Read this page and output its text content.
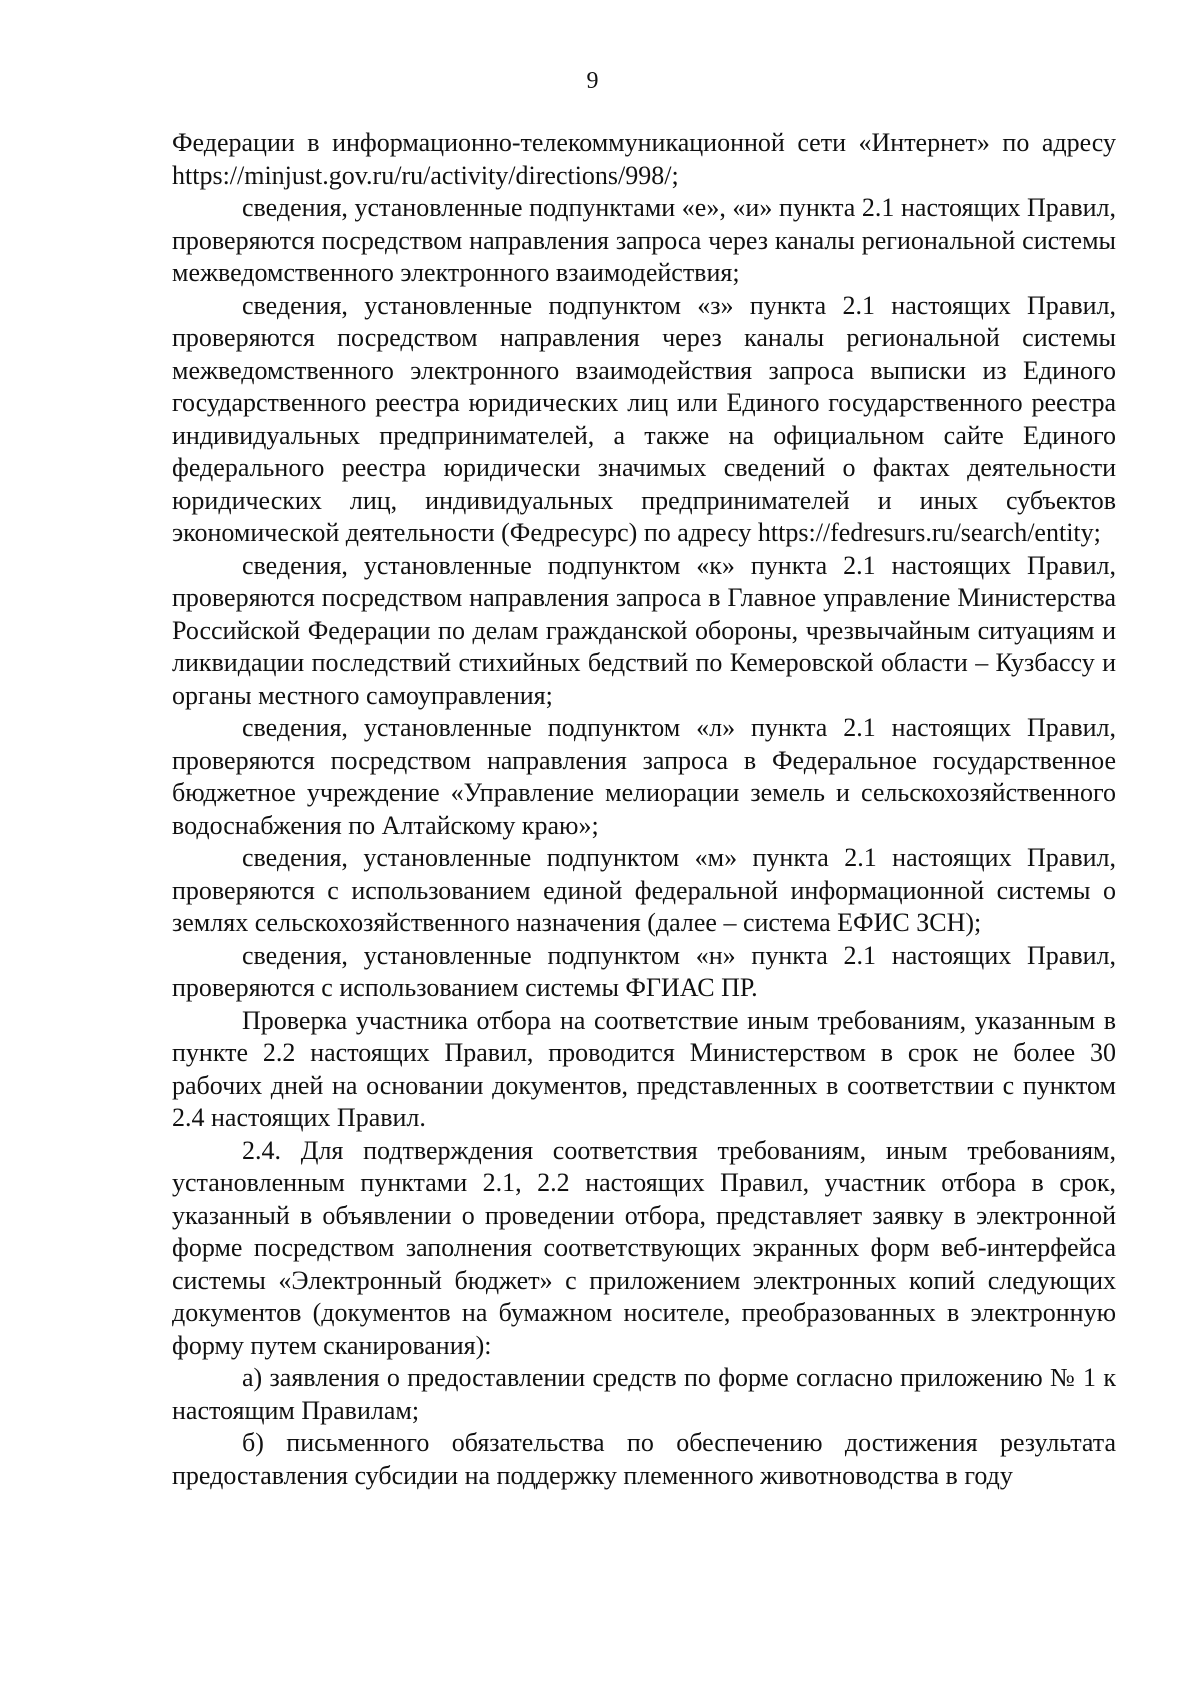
9

Федерации в информационно-телекоммуникационной сети «Интернет» по адресу https://minjust.gov.ru/ru/activity/directions/998/;

сведения, установленные подпунктами «е», «и» пункта 2.1 настоящих Правил, проверяются посредством направления запроса через каналы региональной системы межведомственного электронного взаимодействия;

сведения, установленные подпунктом «з» пункта 2.1 настоящих Правил, проверяются посредством направления через каналы региональной системы межведомственного электронного взаимодействия запроса выписки из Единого государственного реестра юридических лиц или Единого государственного реестра индивидуальных предпринимателей, а также на официальном сайте Единого федерального реестра юридически значимых сведений о фактах деятельности юридических лиц, индивидуальных предпринимателей и иных субъектов экономической деятельности (Федресурс) по адресу https://fedresurs.ru/search/entity;

сведения, установленные подпунктом «к» пункта 2.1 настоящих Правил, проверяются посредством направления запроса в Главное управление Министерства Российской Федерации по делам гражданской обороны, чрезвычайным ситуациям и ликвидации последствий стихийных бедствий по Кемеровской области – Кузбассу и органы местного самоуправления;

сведения, установленные подпунктом «л» пункта 2.1 настоящих Правил, проверяются посредством направления запроса в Федеральное государственное бюджетное учреждение «Управление мелиорации земель и сельскохозяйственного водоснабжения по Алтайскому краю»;

сведения, установленные подпунктом «м» пункта 2.1 настоящих Правил, проверяются с использованием единой федеральной информационной системы о землях сельскохозяйственного назначения (далее – система ЕФИС ЗСН);

сведения, установленные подпунктом «н» пункта 2.1 настоящих Правил, проверяются с использованием системы ФГИАС ПР.

Проверка участника отбора на соответствие иным требованиям, указанным в пункте 2.2 настоящих Правил, проводится Министерством в срок не более 30 рабочих дней на основании документов, представленных в соответствии с пунктом 2.4 настоящих Правил.

2.4. Для подтверждения соответствия требованиям, иным требованиям, установленным пунктами 2.1, 2.2 настоящих Правил, участник отбора в срок, указанный в объявлении о проведении отбора, представляет заявку в электронной форме посредством заполнения соответствующих экранных форм веб-интерфейса системы «Электронный бюджет» с приложением электронных копий следующих документов (документов на бумажном носителе, преобразованных в электронную форму путем сканирования):

а) заявления о предоставлении средств по форме согласно приложению № 1 к настоящим Правилам;

б) письменного обязательства по обеспечению достижения результата предоставления субсидии на поддержку племенного животноводства в году
